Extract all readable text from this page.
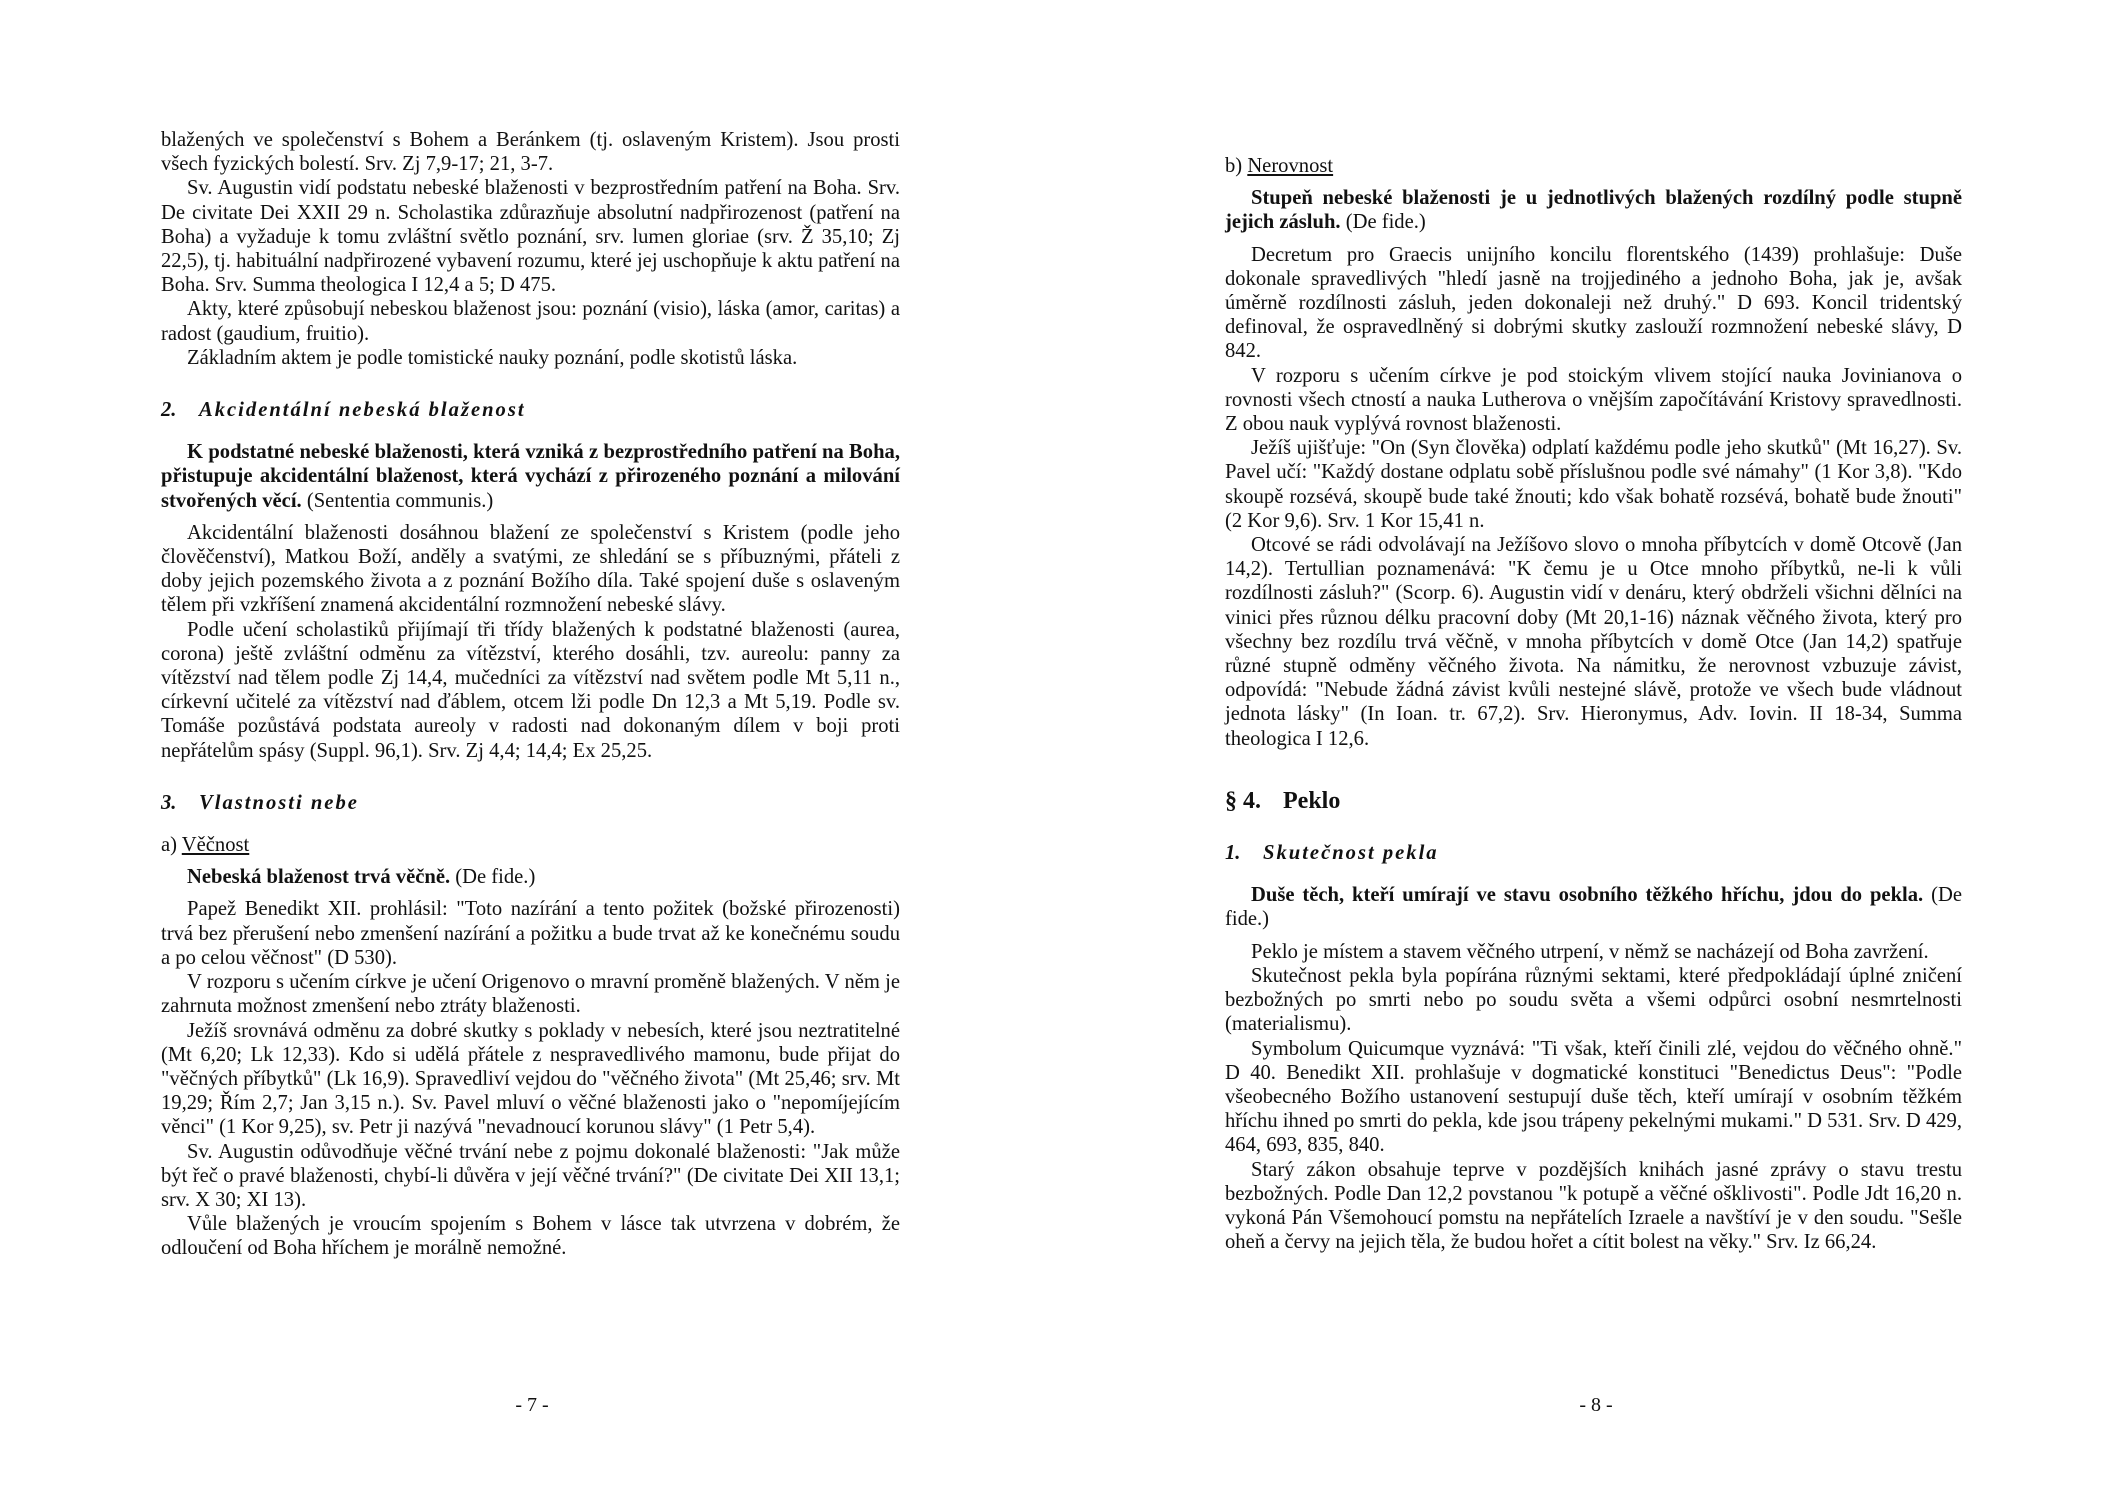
blažených ve společenství s Bohem a Beránkem (tj. oslaveným Kristem). Jsou prosti všech fyzických bolestí. Srv. Zj 7,9-17; 21, 3-7.

Sv. Augustin vidí podstatu nebeské blaženosti v bezprostředním patření na Boha. Srv. De civitate Dei XXII 29 n. Scholastika zdůrazňuje absolutní nadpřirozenost (patření na Boha) a vyžaduje k tomu zvláštní světlo poznání, srv. lumen gloriae (srv. Ž 35,10; Zj 22,5), tj. habituální nadpřirozené vybavení rozumu, které jej uschopňuje k aktu patření na Boha. Srv. Summa theologica I 12,4 a 5; D 475.

Akty, které způsobují nebeskou blaženost jsou: poznání (visio), láska (amor, caritas) a radost (gaudium, fruitio).

Základním aktem je podle tomistické nauky poznání, podle skotistů láska.

2. Akcidentální nebeská blaženost

K podstatné nebeské blaženosti, která vzniká z bezprostředního patření na Boha, přistupuje akcidentální blaženost, která vychází z přirozeného poznání a milování stvořených věcí. (Sententia communis.)

Akcidentální blaženosti dosáhnou blažení ze společenství s Kristem (podle jeho člověčenství), Matkou Boží, anděly a svatými, ze shledání se s příbuznými, přáteli z doby jejich pozemského života a z poznání Božího díla. Také spojení duše s oslaveným tělem při vzkříšení znamená akcidentální rozmnožení nebeské slávy.

Podle učení scholastiků přijímají tři třídy blažených k podstatné blaženosti (aurea, corona) ještě zvláštní odměnu za vítězství, kterého dosáhli, tzv. aureolu: panny za vítězství nad tělem podle Zj 14,4, mučedníci za vítězství nad světem podle Mt 5,11 n., církevní učitelé za vítězství nad ďáblem, otcem lži podle Dn 12,3 a Mt 5,19. Podle sv. Tomáše pozůstává podstata aureoly v radosti nad dokonaným dílem v boji proti nepřátelům spásy (Suppl. 96,1). Srv. Zj 4,4; 14,4; Ex 25,25.

3. Vlastnosti nebe

a) Věčnost

Nebeská blaženost trvá věčně. (De fide.)

Papež Benedikt XII. prohlásil: "Toto nazírání a tento požitek (božské přirozenosti) trvá bez přerušení nebo zmenšení nazírání a požitku a bude trvat až ke konečnému soudu a po celou věčnost" (D 530).

V rozporu s učením církve je učení Origenovo o mravní proměně blažených. V něm je zahrnuta možnost zmenšení nebo ztráty blaženosti.

Ježíš srovnává odměnu za dobré skutky s poklady v nebesích, které jsou neztratitelné (Mt 6,20; Lk 12,33). Kdo si udělá přátele z nespravedlivého mamonu, bude přijat do "věčných příbytků" (Lk 16,9). Spravedliví vejdou do "věčného života" (Mt 25,46; srv. Mt 19,29; Řím 2,7; Jan 3,15 n.). Sv. Pavel mluví o věčné blaženosti jako o "nepomíjejícím věnci" (1 Kor 9,25), sv. Petr ji nazývá "nevadnoucí korunou slávy" (1 Petr 5,4).

Sv. Augustin odůvodňuje věčné trvání nebe z pojmu dokonalé blaženosti: "Jak může být řeč o pravé blaženosti, chybí-li důvěra v její věčné trvání?" (De civitate Dei XII 13,1; srv. X 30; XI 13).

Vůle blažených je vroucím spojením s Bohem v lásce tak utvrzena v dobrém, že odloučení od Boha hříchem je morálně nemožné.

- 7 -

b) Nerovnost

Stupeň nebeské blaženosti je u jednotlivých blažených rozdílný podle stupně jejich zásluh. (De fide.)

Decretum pro Graecis unijního koncilu florentského (1439) prohlašuje: Duše dokonale spravedlivých "hledí jasně na trojjediného a jednoho Boha, jak je, avšak úměrně rozdílnosti zásluh, jeden dokonaleji než druhý." D 693. Koncil tridentský definoval, že ospravedlněný si dobrými skutky zaslouží rozmnožení nebeské slávy, D 842.

V rozporu s učením církve je pod stoickým vlivem stojící nauka Jovinianova o rovnosti všech ctností a nauka Lutherova o vnějším započítávání Kristovy spravedlnosti. Z obou nauk vyplývá rovnost blaženosti.

Ježíš ujišťuje: "On (Syn člověka) odplatí každému podle jeho skutků" (Mt 16,27). Sv. Pavel učí: "Každý dostane odplatu sobě příslušnou podle své námahy" (1 Kor 3,8). "Kdo skoupě rozsévá, skoupě bude také žnouti; kdo však bohatě rozsévá, bohatě bude žnouti" (2 Kor 9,6). Srv. 1 Kor 15,41 n.

Otcové se rádi odvolávají na Ježíšovo slovo o mnoha příbytcích v domě Otcově (Jan 14,2). Tertullian poznamenává: "K čemu je u Otce mnoho příbytků, ne-li k vůli rozdílnosti zásluh?" (Scorp. 6). Augustin vidí v denáru, který obdrželi všichni dělníci na vinici přes různou délku pracovní doby (Mt 20,1-16) náznak věčného života, který pro všechny bez rozdílu trvá věčně, v mnoha příbytcích v domě Otce (Jan 14,2) spatřuje různé stupně odměny věčného života. Na námitku, že nerovnost vzbuzuje závist, odpovídá: "Nebude žádná závist kvůli nestejné slávě, protože ve všech bude vládnout jednota lásky" (In Ioan. tr. 67,2). Srv. Hieronymus, Adv. Iovin. II 18-34, Summa theologica I 12,6.

§ 4. Peklo
1. Skutečnost pekla

Duše těch, kteří umírají ve stavu osobního těžkého hříchu, jdou do pekla. (De fide.)

Peklo je místem a stavem věčného utrpení, v němž se nacházejí od Boha zavržení.

Skutečnost pekla byla popírána různými sektami, které předpokládají úplné zničení bezbožných po smrti nebo po soudu světa a všemi odpůrci osobní nesmrtelnosti (materialismu).

Symbolum Quicumque vyznává: "Ti však, kteří činili zlé, vejdou do věčného ohně." D 40. Benedikt XII. prohlašuje v dogmatické konstituci "Benedictus Deus": "Podle všeobecného Božího ustanovení sestupují duše těch, kteří umírají v osobním těžkém hříchu ihned po smrti do pekla, kde jsou trápeny pekelnými mukami." D 531. Srv. D 429, 464, 693, 835, 840.

Starý zákon obsahuje teprve v pozdějších knihách jasné zprávy o stavu trestu bezbožných. Podle Dan 12,2 povstanou "k potupě a věčné ošklivosti". Podle Jdt 16,20 n. vykoná Pán Všemohoucí pomstu na nepřátelích Izraele a navštíví je v den soudu. "Sešle oheň a červy na jejich těla, že budou hořet a cítit bolest na věky." Srv. Iz 66,24.

- 8 -
